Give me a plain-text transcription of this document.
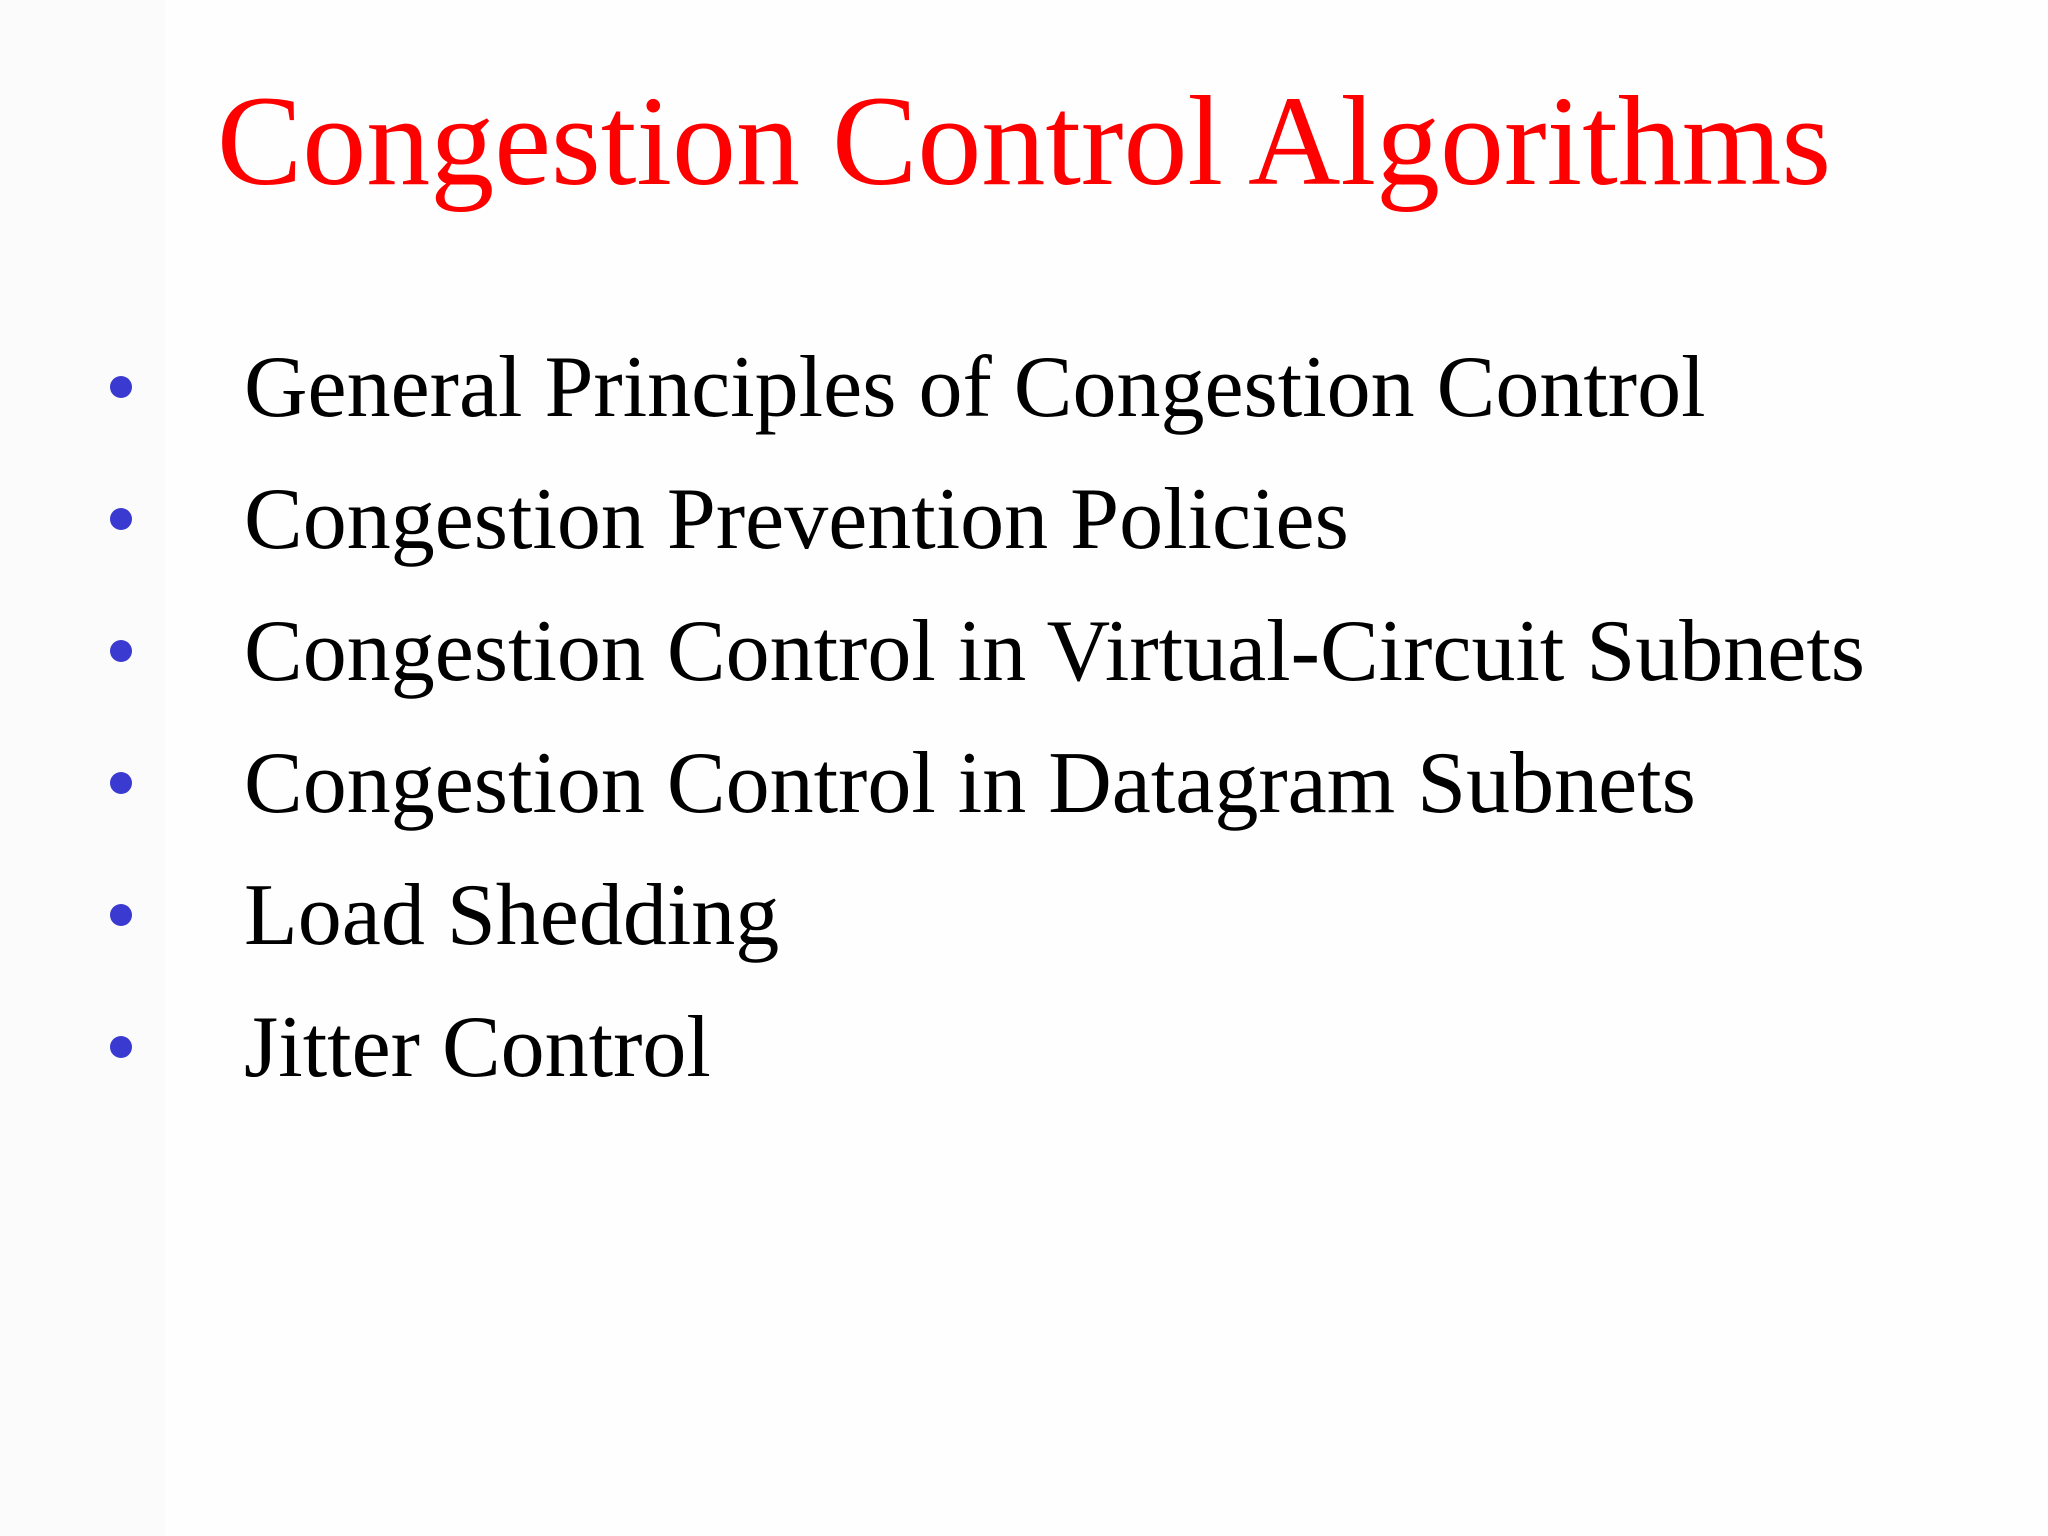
Congestion Control Algorithms
General Principles of Congestion Control
Congestion Prevention Policies
Congestion Control in Virtual-Circuit Subnets
Congestion Control in Datagram Subnets
Load Shedding
Jitter Control
